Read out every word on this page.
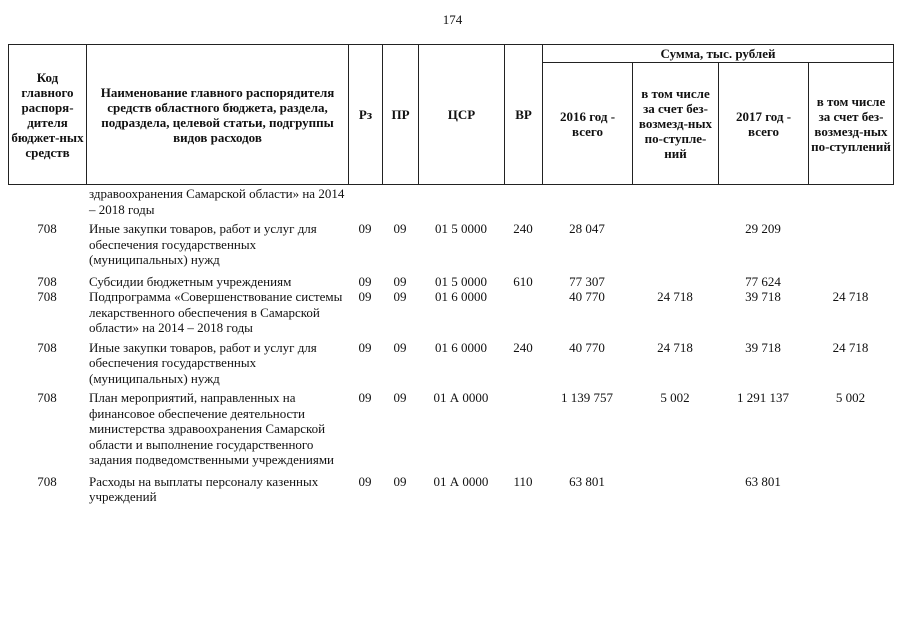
174
Код главного распоря-дителя бюджет-ных средств	Наименование главного распорядителя средств областного бюджета, раздела, подраздела, целевой статьи, подгруппы видов расходов	Рз	ПР	ЦСР	ВР	Сумма, тыс. рублей			
						2016 год - всего	в том числе за счет без-возмезд-ных по-ступле-ний	2017 год - всего	в том числе за счет без-возмезд-ных по-ступлений
	здравоохранения Самарской области» на 2014 – 2018 годы								
708	Иные закупки товаров, работ и услуг для обеспечения государственных (муниципальных) нужд	09	09	01 5 0000	240	28 047		29 209	
708	Субсидии бюджетным учреждениям	09	09	01 5 0000	610	77 307		77 624	
708	Подпрограмма «Совершенствование системы лекарственного обеспечения в Самарской области» на 2014 – 2018 годы	09	09	01 6 0000		40 770	24 718	39 718	24 718
708	Иные закупки товаров, работ и услуг для обеспечения государственных (муниципальных) нужд	09	09	01 6 0000	240	40 770	24 718	39 718	24 718
708	План мероприятий, направленных на финансовое обеспечение деятельности министерства здравоохранения Самарской области и выполнение государственного задания подведомственными учреждениями	09	09	01 А 0000		1 139 757	5 002	1 291 137	5 002
708	Расходы на выплаты персоналу казенных учреждений	09	09	01 А 0000	110	63 801		63 801	
